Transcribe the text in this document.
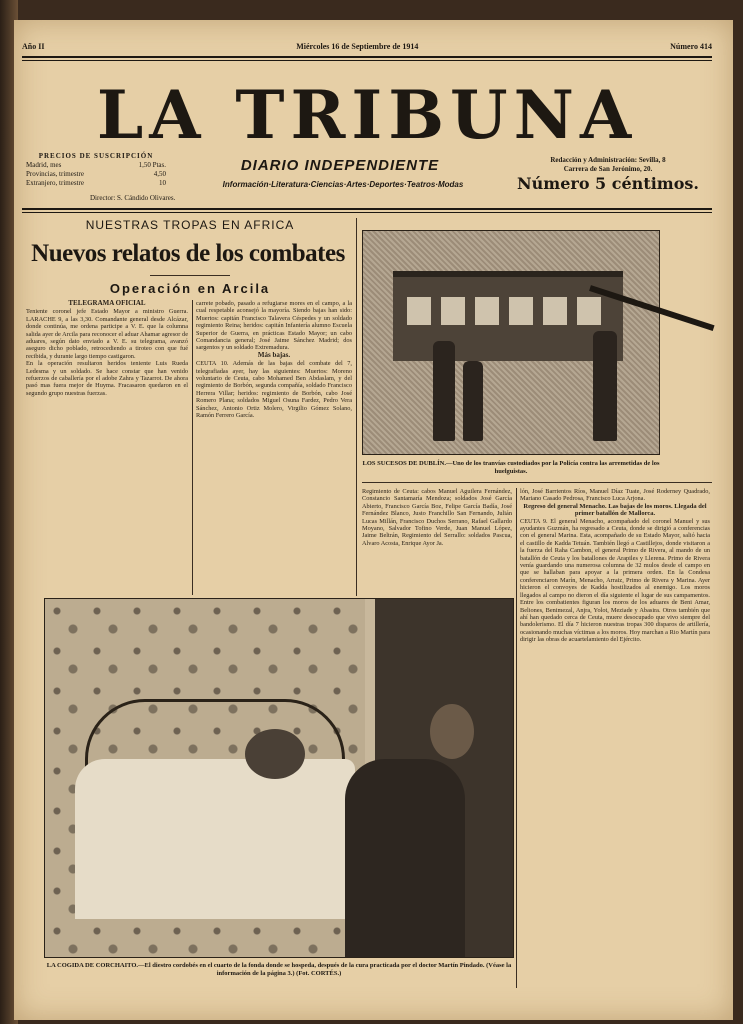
Año II	Miércoles 16 de Septiembre de 1914	Número 414
LA TRIBUNA
PRECIOS DE SUSCRIPCIÓN
Madrid, mes	1,50 Ptas.
Provincias, trimestre	4,50
Extranjero, trimestre	10
Director: S. Cándido Olivares.
DIARIO INDEPENDIENTE
Información·Literatura·Ciencias·Artes·Deportes·Teatros·Modas
Redacción y Administración: Sevilla, 8
Carrera de San Jerónimo, 20.
Número 5 céntimos.
NUESTRAS TROPAS EN AFRICA
Nuevos relatos de los combates
Operación en Arcila
TELEGRAMA OFICIAL

Teniente coronel jefe Estado Mayor a ministro Guerra. LARACHE 9, a las 3,30. Comandante general desde Alcázar, donde continúa, me ordena participe a V. E. que la columna salida ayer de Arcila para reconocer el aduar Ahamar agresor de aduares, según dato enviado a V. E. su telegrama, avanzó aseguro dicho poblado, retrocediendo a tiroteo con que fué recibida, y durante largo tiempo castigaron.

En la operación resultaron heridos teniente Luis Rueda Ledesma y un soldado. Se hace constar que han venido refuerzos de caballería por el adobe Zahra y Tazarrot. De ahora pasó mas fuera mejor de Huyma. Fracasaron quedaron en el segundo grupo nuestras fuerzas.

carrete pobado, pasado a refugiarse mores en el campo, a la cual respetable aconsejó la mayoría. Siendo bajas han sido: Muertos: capitán Francisco Talavera Céspedes y un soldado regimiento Reina; heridos: capitán Infantería alumno Escuela Superior de Guerra, en prácticas Estado Mayor; un cabo Comandancia general; José Jaime Sánchez Madrid; dos sargentos y un soldado Extremadura.

Más bajas.

CEUTA 10. Además de las bajas del combate del 7, telegrafiadas ayer, hay las siguientes: Muertos: Moreno voluntario de Ceuta, cabo Mohamed Ben Abdaslam, y del regimiento de Borbón, segunda compañía, soldado Francisco Herrera Villar; heridos: regimiento de Borbón, cabo José Romero Plana; soldados Miguel Osuna Fardez, Pedro Vera Sánchez, Antonio Ortiz Molero, Virgilio Gómez Solano, Ramón Ferrero García.

LOS SUCESOS DE DUBLÍN.—Uno de los tranvías custodiados por la Policía contra las arremetidas de los huelguistas.

Regimiento de Ceuta: cabos Manuel Aguilera Fernández, Constancio Santamaría Mendoza; soldados José García Abierto, Francisco García Boz, Felipe García Badía, José Fernández Blanco, Justo Franchillo San Fernando, Julián Lucas Millán, Francisco Duchos Serrano, Rafael Gallardo Moyano, Salvador Tofino Verde, Juan Manuel López, Jaime Beltrán, Regimiento del Serrallo: soldados Pascua, Alvaro Acosta, Enrique Ayor Ja.

lón, José Barrientos Ríos, Manuel Díaz Tuate, José Roderney Quadrado, Mariano Casado Pedrosa, Francisco Luca Arjona.

Regreso del general Menacho. Las bajas de los moros. Llegada del primer batallón de Mallorca.

CEUTA 9. El general Menacho, acompañado del coronel Manuel y sus ayudantes Guzmán, ha regresado a Ceuta, donde se dirigió a conferencias con el general Marina. Esta, acompañado de su Estado Mayor, salió hacia el castillo de Kadda Tetuán. También llegó a Castillejos, donde visitaron a la fuerza del Raha Cambon, el general Primo de Rivera, al mando de un batallón de Ceuta y los batallones de Arapiles y Llerena. Primo de Rivera venía guardando una numerosa columna de 32 mulos desde el campo en que se hallaban para apoyar a la primera orden. En la Condesa conferenciaron Marín, Menacho, Arraiz, Primo de Rivera y Marina. Ayer hicieron el convoyes de Kadda hostilizados al enemigo. Los moros llegados al campo no dieron el día siguiente el lugar de sus campamentos. Entre los combatientes figuran los moros de los aduares de Beni Amar, Beliones, Benimezal, Anjra, Yolot, Meziade y Abasira. Otros también que ahí han quedado cerca de Ceuta, muere desocupado que vivo siempre del bandolerismo. El día 7 hicieron nuestras tropas 300 disparos de artillería, ocasionando muchas víctimas a los moros. Hoy marchan a Rio Martín para dirigir las obras de acuartelamiento del Ejército.

LA COGIDA DE CORCHAITO.—El diestro cordobés en el cuarto de la fonda donde se hospeda, después de la cura practicada por el doctor Martín Pindado. (Véase la información de la página 3.) (Fot. CORTÉS.)
